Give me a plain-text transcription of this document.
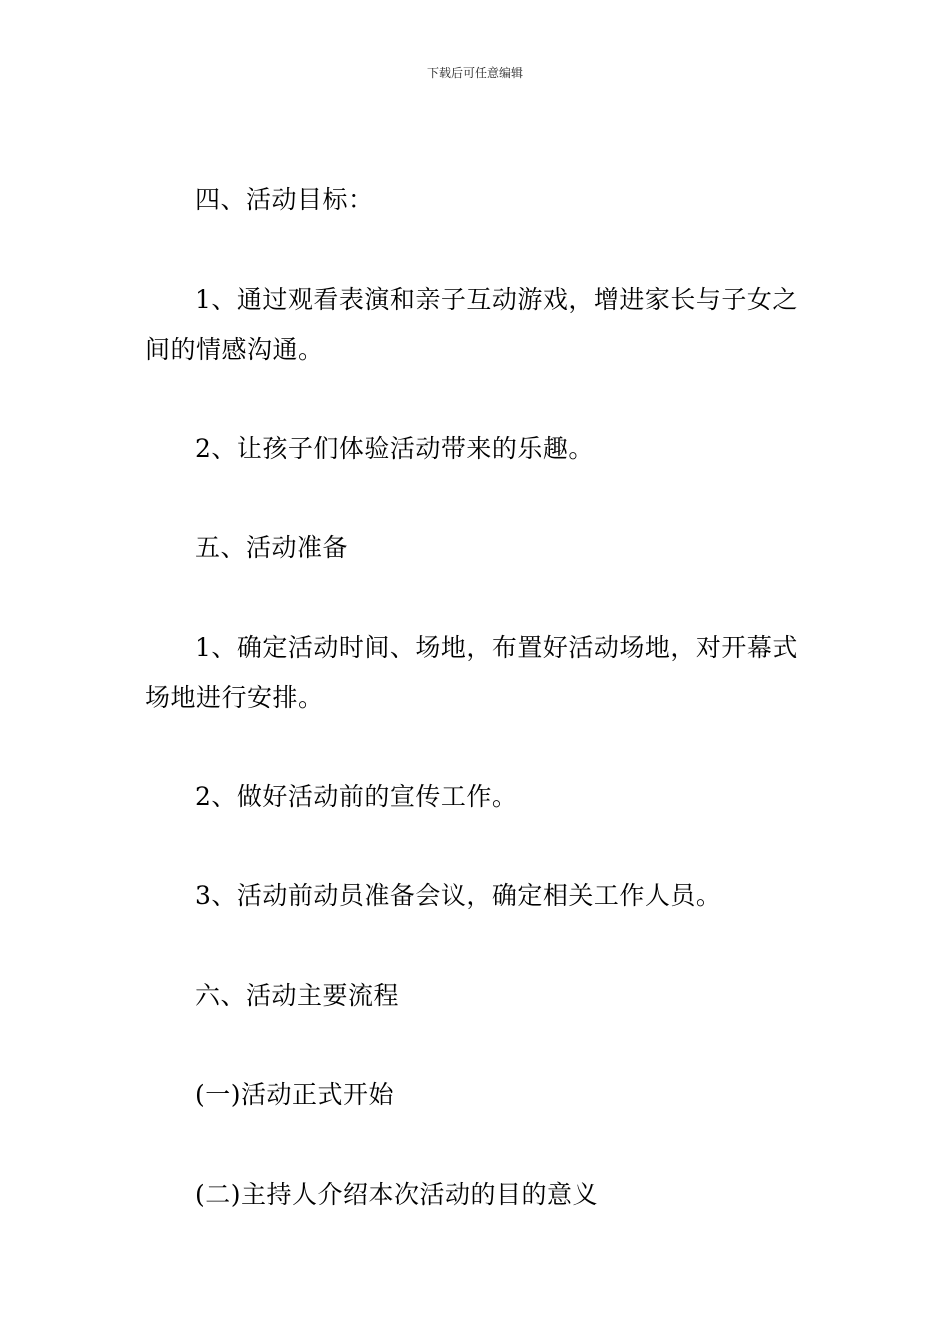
下载后可任意编辑

四、活动目标：

1、通过观看表演和亲子互动游戏，增进家长与子女之间的情感沟通。

2、让孩子们体验活动带来的乐趣。

五、活动准备

1、确定活动时间、场地，布置好活动场地，对开幕式场地进行安排。

2、做好活动前的宣传工作。

3、活动前动员准备会议，确定相关工作人员。

六、活动主要流程

(一)活动正式开始

(二)主持人介绍本次活动的目的意义
